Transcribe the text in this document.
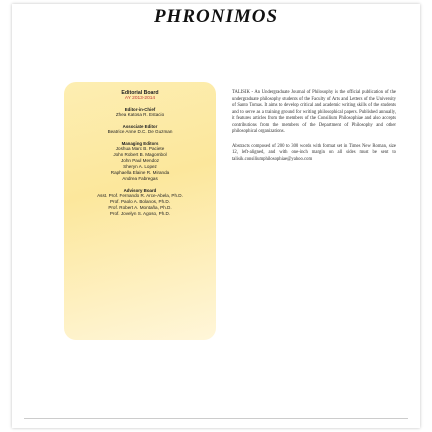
PHRONIMOS
Editorial Board
AY 2013-2014
Editor-in-Chief
Zhea Katosa R. Estacio
Associate Editor
Beatrice Anne D.C. De Guzman
Managing Editors
Joshua Marc B. Paciete
John Robert B. Magombol
John Paul Mendoz
Sheryn A. Lopez
Raphaella Elaine R. Miranda
Andrea Fabregas
Advisory Board
Asst. Prof. Fernando R. Arce-Abela, Ph.D.
Prof. Paolo A. Bolanos, Ph.D.
Prof. Robert A. Montaña, Ph.D.
Prof. Jovelyn S. Agoso, Ph.D.

TALISIK - An Undergraduate Journal of Philosophy is the official publication of the undergraduate philosophy students of the Faculty of Arts and Letters of the University of Santo Tomas. It aims to develop critical and academic writing skills of the students and to serve as a training ground for writing philosophical papers. Published annually, it features articles from the members of the Consilium Philosophiae and also accepts contributions from the members of the Department of Philosophy and other philosophical organizations.

Abstracts composed of 200 to 300 words with format set in Times New Roman, size 12, left-aligned, and with one-inch margin on all sides must be sent to talisik.consiliumphilosophiae@yahoo.com
